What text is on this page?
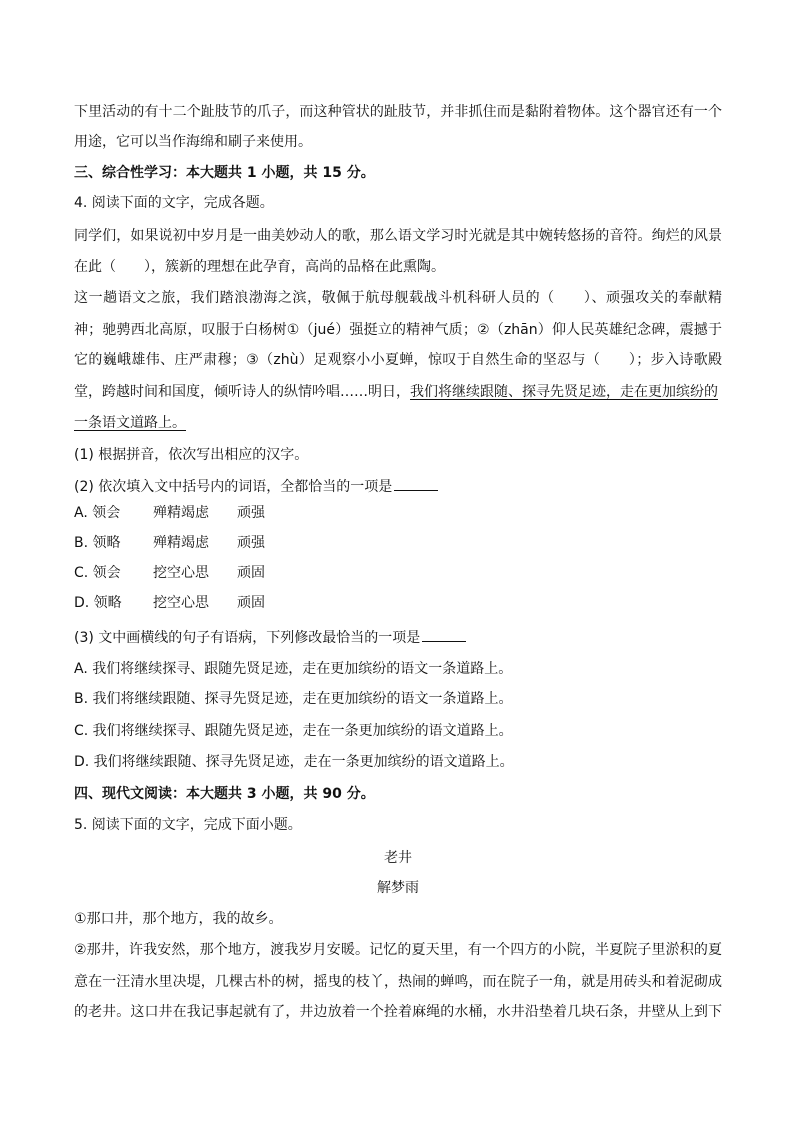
下里活动的有十二个趾肢节的爪子，而这种管状的趾肢节，并非抓住而是黏附着物体。这个器官还有一个
用途，它可以当作海绵和刷子来使用。
三、综合性学习：本大题共 1 小题，共 15 分。
4. 阅读下面的文字，完成各题。
同学们，如果说初中岁月是一曲美妙动人的歌，那么语文学习时光就是其中婉转悠扬的音符。绚烂的风景
在此（　　），簇新的理想在此孕育，高尚的品格在此熏陶。
这一趟语文之旅，我们踏浪渤海之滨，敬佩于航母舰载战斗机科研人员的（　　）、顽强攻关的奉献精
神；驰骋西北高原，叹服于白杨树①（jué）强挺立的精神气质；②（zhān）仰人民英雄纪念碑，震撼于
它的巍峨雄伟、庄严肃穆；③（zhù）足观察小小夏蝉，惊叹于自然生命的坚忍与（　　）；步入诗歌殿
堂，跨越时间和国度，倾听诗人的纵情吟唱……明日，我们将继续跟随、探寻先贤足迹，走在更加缤纷的
一条语文道路上。
(1) 根据拼音，依次写出相应的汉字。
(2) 依次填入文中括号内的词语，全都恰当的一项是
A. 领会 殚精竭虑 顽强
B. 领略 殚精竭虑 顽强
C. 领会 挖空心思 顽固
D. 领略 挖空心思 顽固
(3) 文中画横线的句子有语病，下列修改最恰当的一项是
A. 我们将继续探寻、跟随先贤足迹，走在更加缤纷的语文一条道路上。
B. 我们将继续跟随、探寻先贤足迹，走在更加缤纷的语文一条道路上。
C. 我们将继续探寻、跟随先贤足迹，走在一条更加缤纷的语文道路上。
D. 我们将继续跟随、探寻先贤足迹，走在一条更加缤纷的语文道路上。
四、现代文阅读：本大题共 3 小题，共 90 分。
5. 阅读下面的文字，完成下面小题。
老井
解梦雨
①那口井，那个地方，我的故乡。
②那井，许我安然，那个地方，渡我岁月安暖。记忆的夏天里，有一个四方的小院，半夏院子里淤积的夏
意在一汪清水里决堤，几棵古朴的树，摇曳的枝丫，热闹的蝉鸣，而在院子一角，就是用砖头和着泥砌成
的老井。这口井在我记事起就有了，井边放着一个拴着麻绳的水桶，水井沿垫着几块石条，井壁从上到下
